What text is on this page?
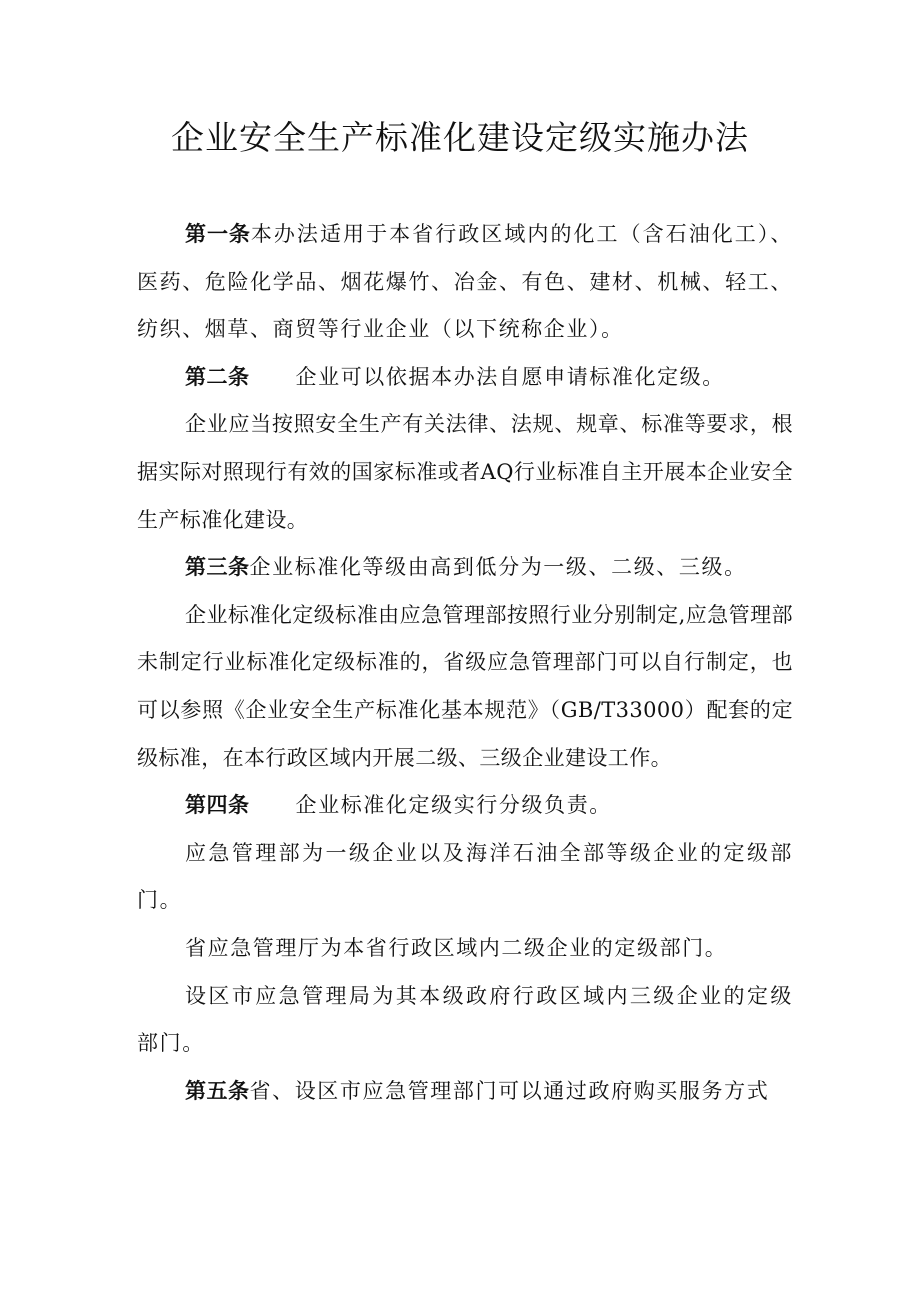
企业安全生产标准化建设定级实施办法

第一条本办法适用于本省行政区域内的化工（含石油化工）、医药、危险化学品、烟花爆竹、冶金、有色、建材、机械、轻工、纺织、烟草、商贸等行业企业（以下统称企业）。

第二条 企业可以依据本办法自愿申请标准化定级。

企业应当按照安全生产有关法律、法规、规章、标准等要求，根据实际对照现行有效的国家标准或者AQ行业标准自主开展本企业安全生产标准化建设。

第三条企业标准化等级由高到低分为一级、二级、三级。

企业标准化定级标准由应急管理部按照行业分别制定,应急管理部未制定行业标准化定级标准的，省级应急管理部门可以自行制定，也可以参照《企业安全生产标准化基本规范》（GB/T33000）配套的定级标准，在本行政区域内开展二级、三级企业建设工作。

第四条 企业标准化定级实行分级负责。

应急管理部为一级企业以及海洋石油全部等级企业的定级部门。

省应急管理厅为本省行政区域内二级企业的定级部门。

设区市应急管理局为其本级政府行政区域内三级企业的定级部门。

第五条省、设区市应急管理部门可以通过政府购买服务方式
